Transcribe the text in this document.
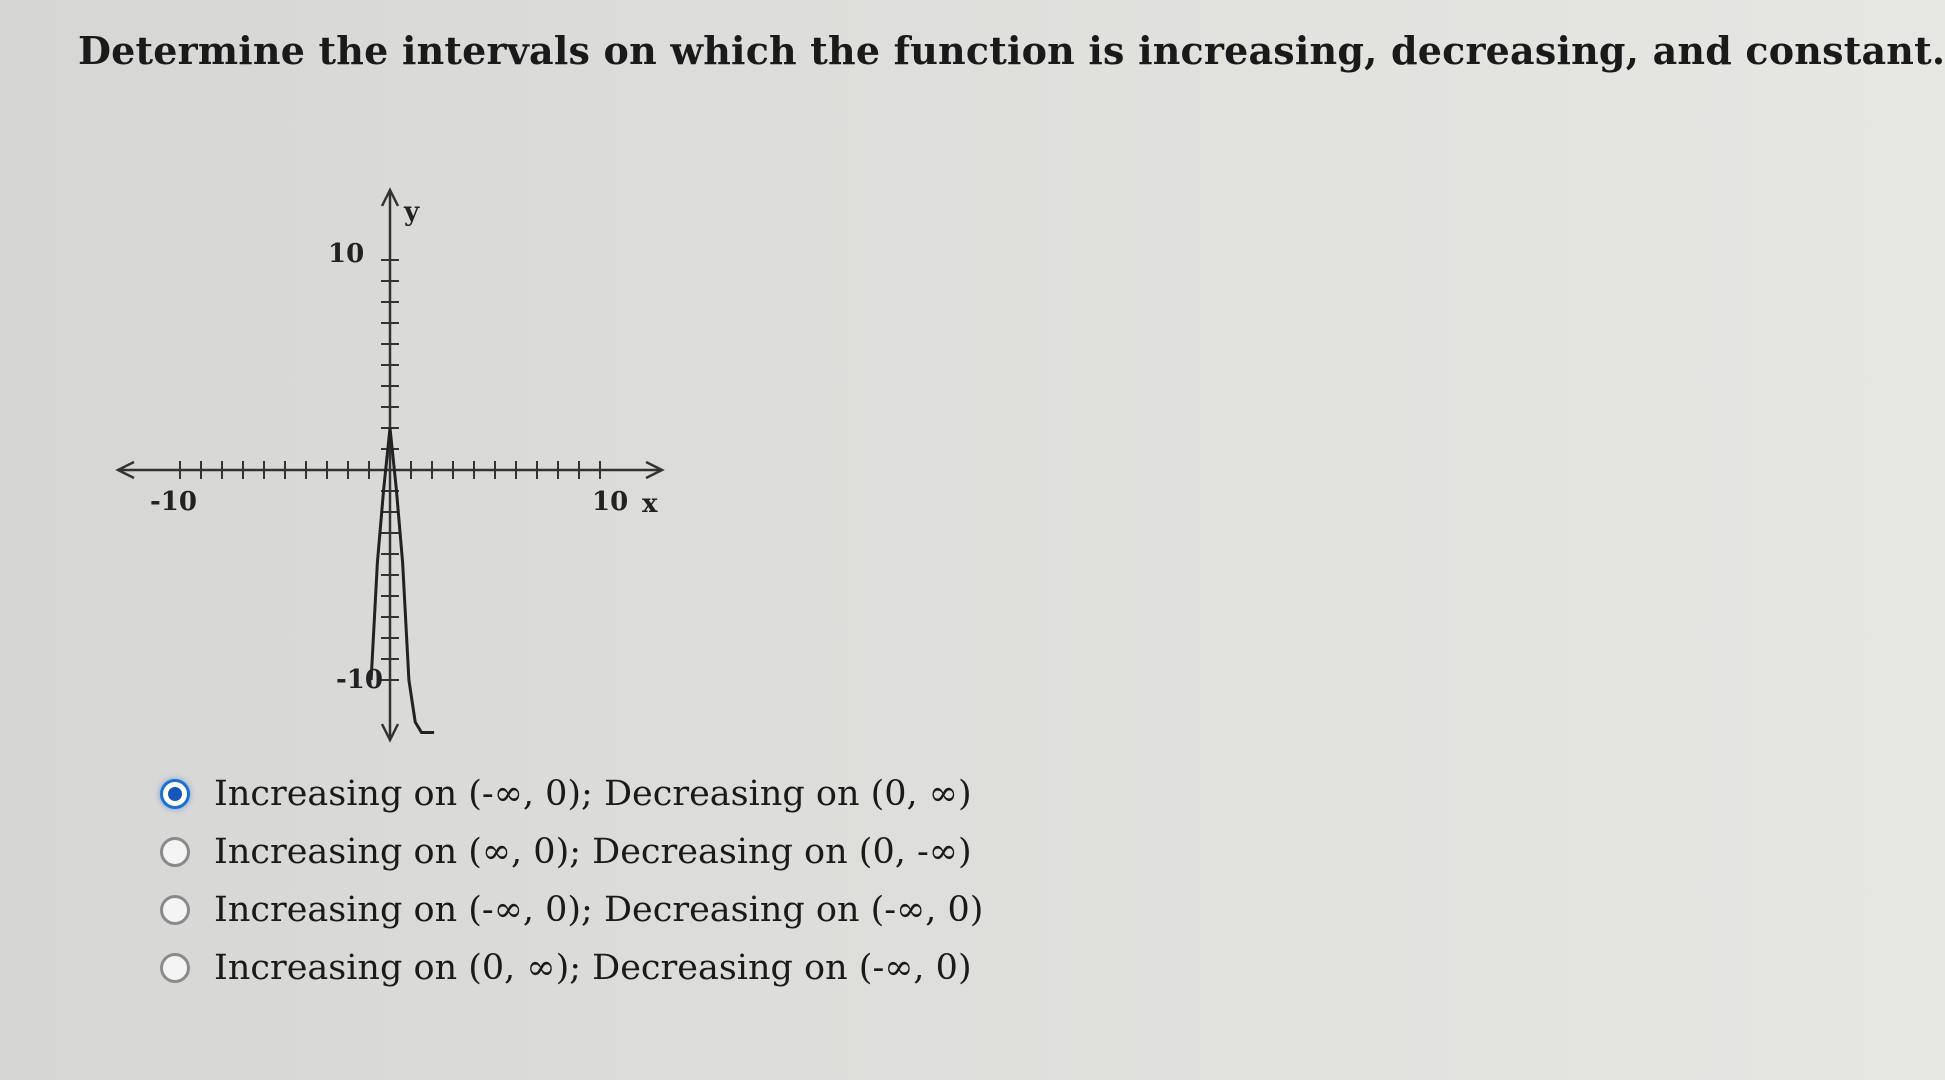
Determine the intervals on which the function is increasing, decreasing, and constant.
y
x
10
-10
-10	10
Increasing on (-∞, 0); Decreasing on (0, ∞)
Increasing on (∞, 0); Decreasing on (0, -∞)
Increasing on (-∞, 0); Decreasing on (-∞, 0)
Increasing on (0, ∞); Decreasing on (-∞, 0)
